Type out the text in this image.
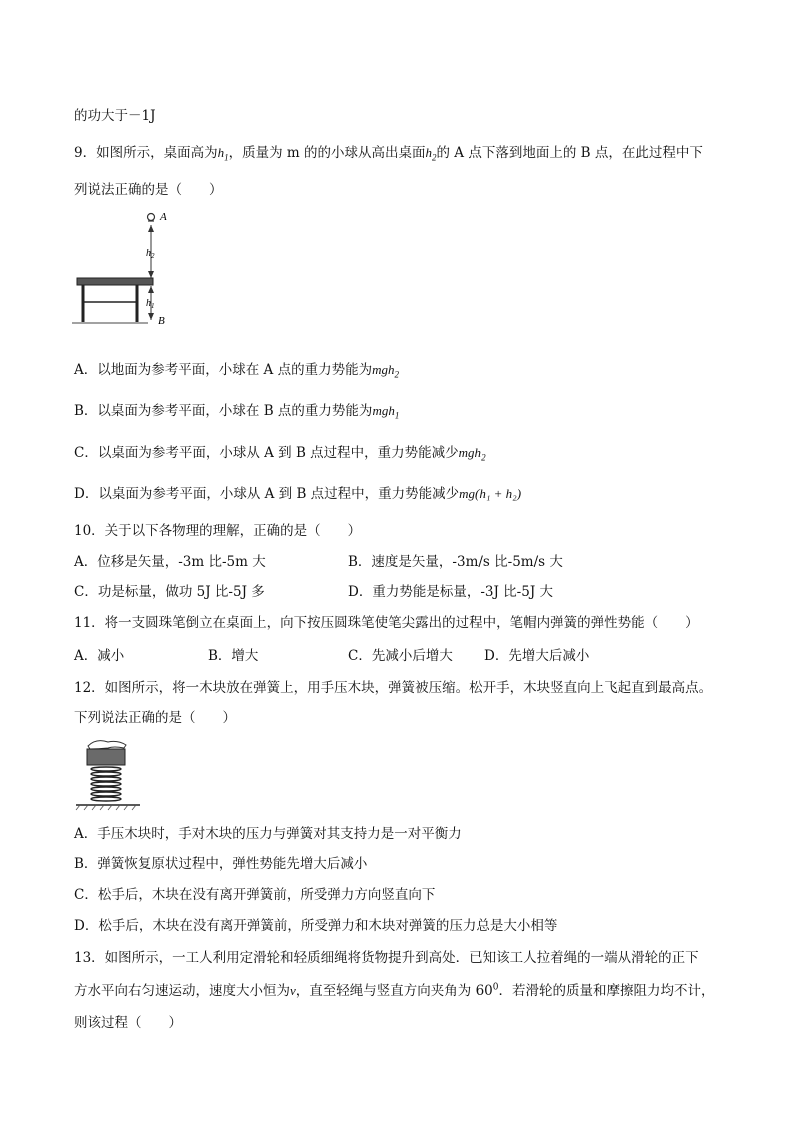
的功大于－1J
9．如图所示，桌面高为$h_1$，质量为 m 的的小球从高出桌面$h_2$的 A 点下落到地面上的 B 点，在此过程中下
列说法正确的是（　　）
A
$h_2$
$h_1$
B
A．以地面为参考平面，小球在 A 点的重力势能为mgh$_2$
B．以桌面为参考平面，小球在 B 点的重力势能为mgh$_1$
C．以桌面为参考平面，小球从 A 到 B 点过程中，重力势能减少mgh$_2$
D．以桌面为参考平面，小球从 A 到 B 点过程中，重力势能减少mg(h₁ + h₂)
10．关于以下各物理的理解，正确的是（　　）
A．位移是矢量，-3m 比-5m 大	B．速度是矢量，-3m/s 比-5m/s 大
C．功是标量，做功 5J 比-5J 多	D．重力势能是标量，-3J 比-5J 大
11．将一支圆珠笔倒立在桌面上，向下按压圆珠笔使笔尖露出的过程中，笔帽内弹簧的弹性势能（　　）
A．减小	B．增大	C．先减小后增大 D．先增大后减小
12．如图所示，将一木块放在弹簧上，用手压木块，弹簧被压缩。松开手，木块竖直向上飞起直到最高点。
下列说法正确的是（　　）
A．手压木块时，手对木块的压力与弹簧对其支持力是一对平衡力
B．弹簧恢复原状过程中，弹性势能先增大后减小
C．松手后，木块在没有离开弹簧前，所受弹力方向竖直向下
D．松手后，木块在没有离开弹簧前，所受弹力和木块对弹簧的压力总是大小相等
13．如图所示，一工人利用定滑轮和轻质细绳将货物提升到高处．已知该工人拉着绳的一端从滑轮的正下
方水平向右匀速运动，速度大小恒为v，直至轻绳与竖直方向夹角为 $60^0$．若滑轮的质量和摩擦阻力均不计，
则该过程（　　）
